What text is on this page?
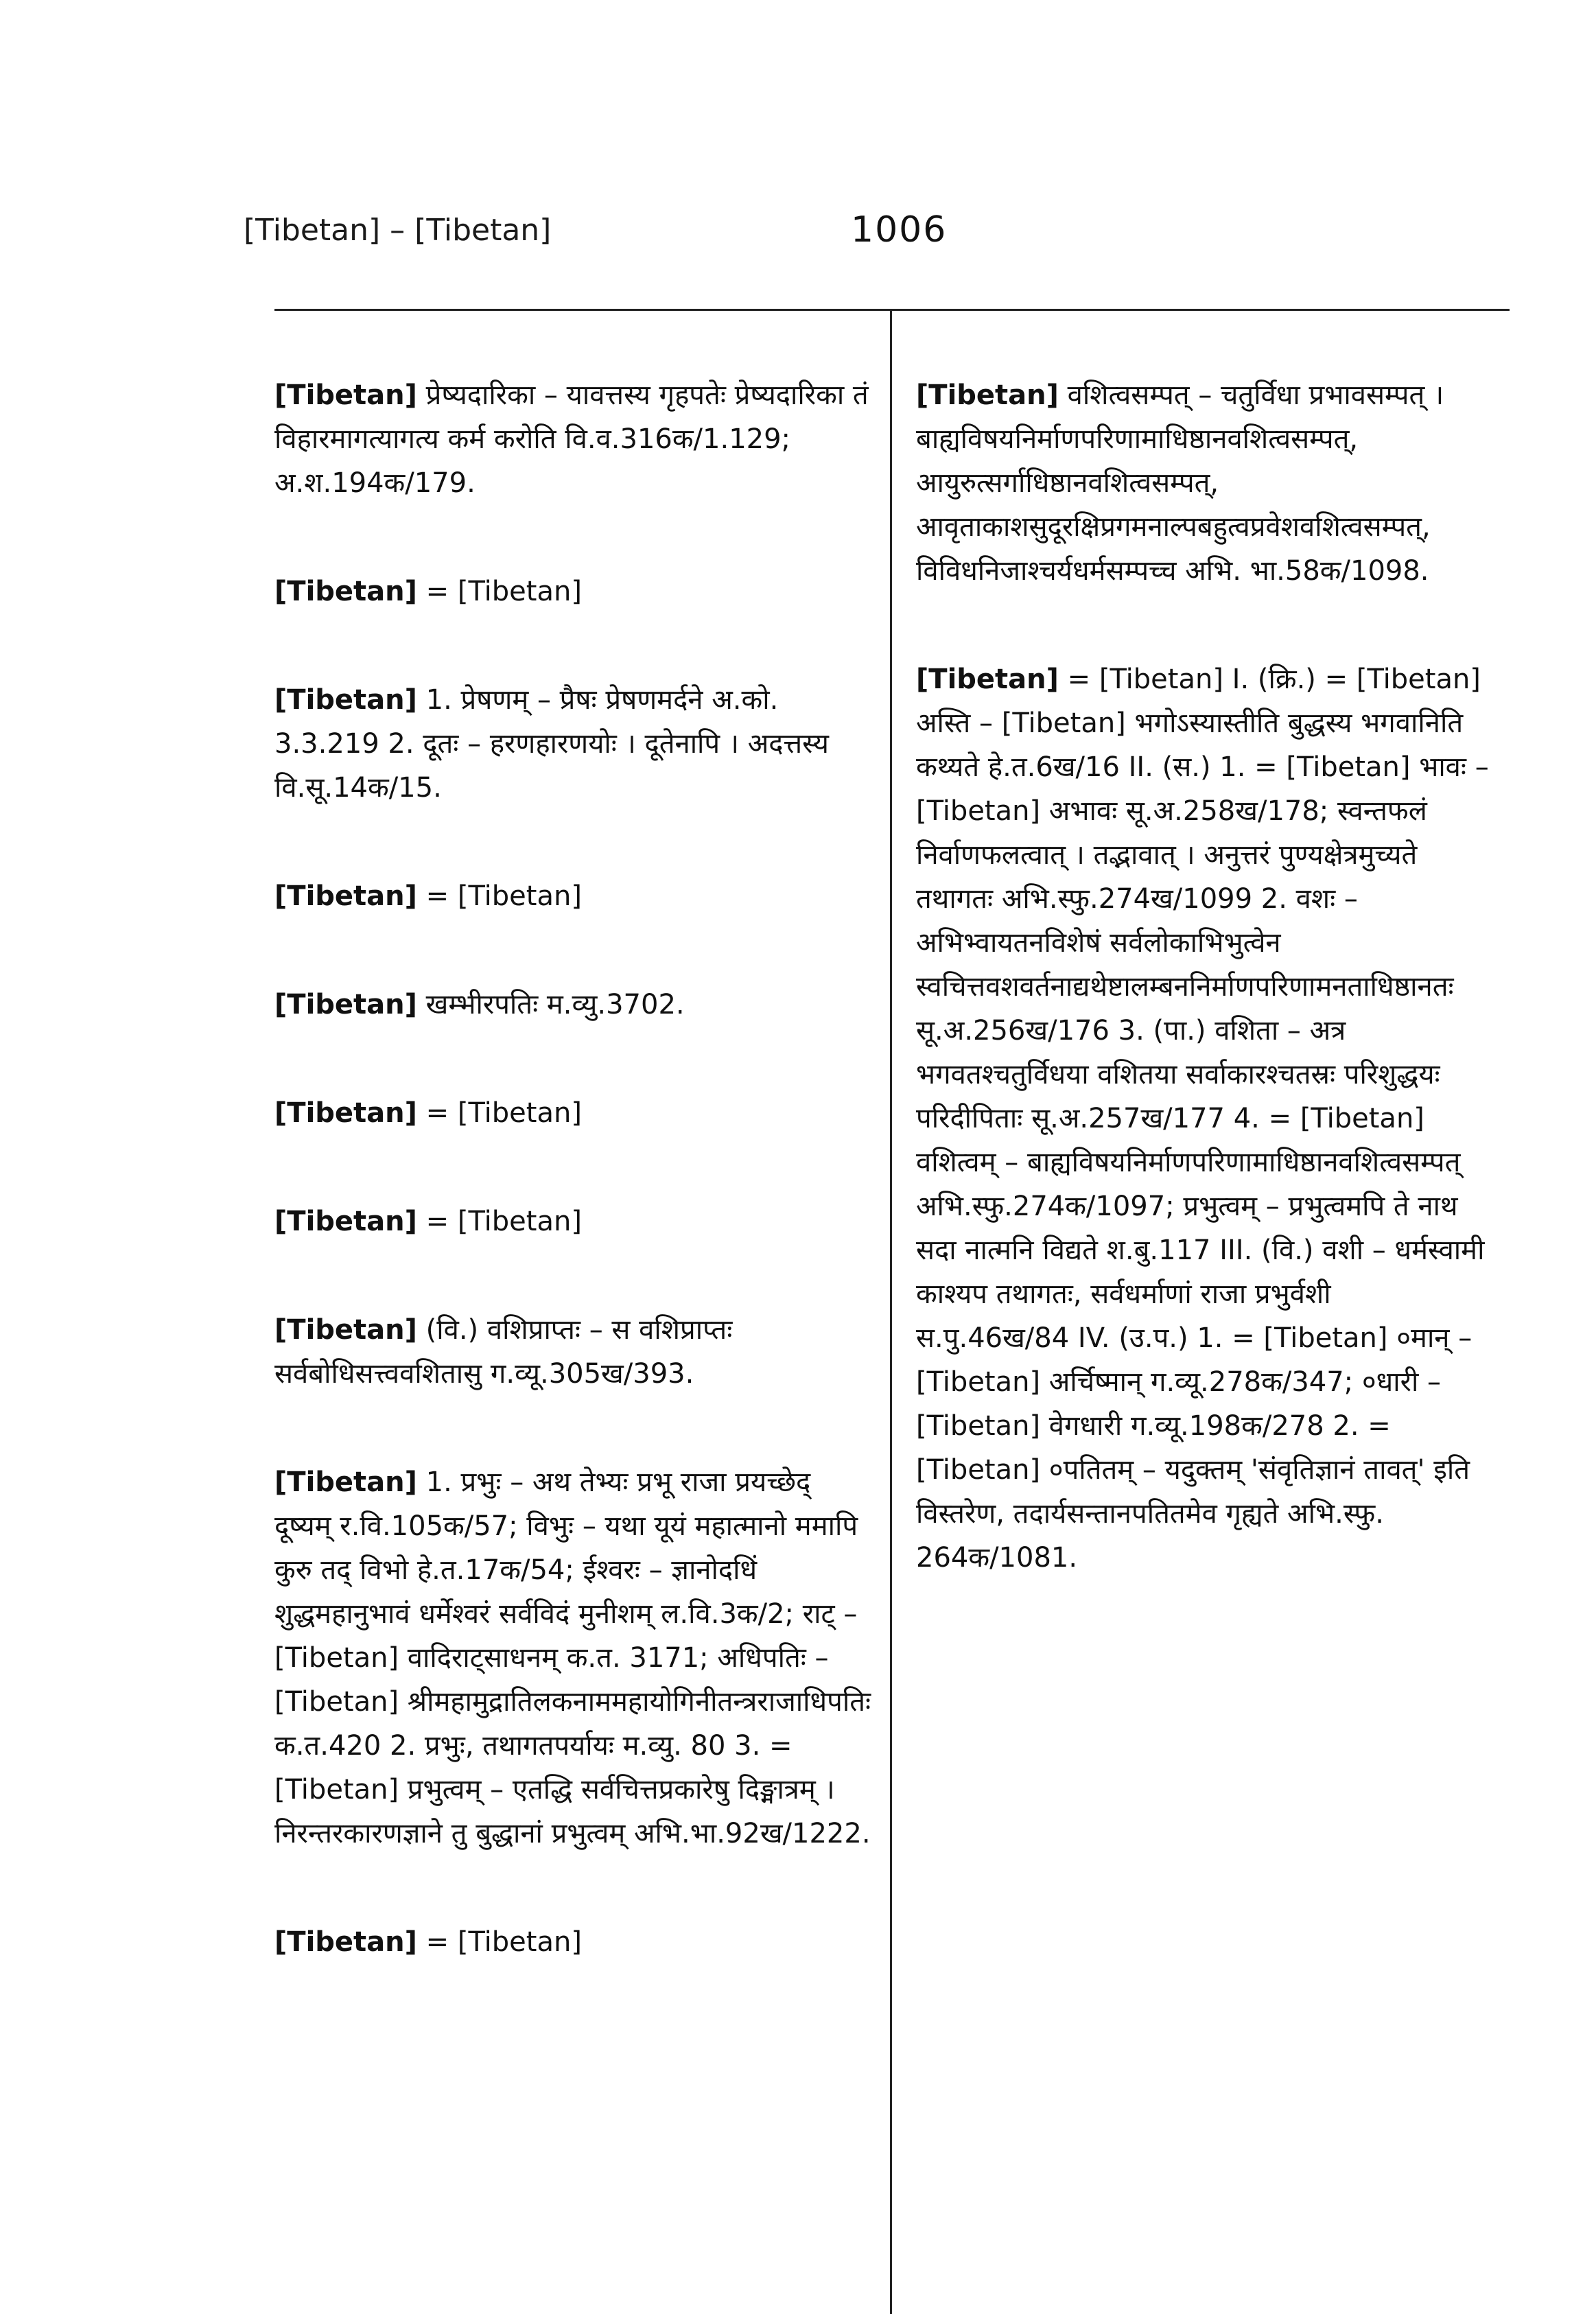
[Tibetan] – [Tibetan]	1006

[Tibetan] प्रेष्यदारिका – यावत्तस्य गृहपतेः प्रेष्यदारिका तं विहारमागत्यागत्य कर्म करोति वि.व.316क/1.129; अ.श.194क/179.

[Tibetan] = [Tibetan]

[Tibetan] 1. प्रेषणम् – प्रैषः प्रेषणमर्दने अ.को. 3.3.219 2. दूतः – हरणहारणयोः । दूतेनापि । अदत्तस्य वि.सू.14क/15.

[Tibetan] = [Tibetan]

[Tibetan] खम्भीरपतिः म.व्यु.3702.

[Tibetan] = [Tibetan]

[Tibetan] = [Tibetan]

[Tibetan] (वि.) वशिप्राप्तः – स वशिप्राप्तः सर्वबोधिसत्त्ववशितासु ग.व्यू.305ख/393.

[Tibetan] 1. प्रभुः – अथ तेभ्यः प्रभू राजा प्रयच्छेद् दूष्यम् र.वि.105क/57; विभुः – यथा यूयं महात्मानो ममापि कुरु तद् विभो हे.त.17क/54; ईश्वरः – ज्ञानोदधिं शुद्धमहानुभावं धर्मेश्वरं सर्वविदं मुनीशम् ल.वि.3क/2; राट् – [Tibetan] वादिराट्साधनम् क.त. 3171; अधिपतिः – [Tibetan] श्रीमहामुद्रातिलकनाममहायोगिनीतन्त्रराजाधिपतिः क.त.420 2. प्रभुः, तथागतपर्यायः म.व्यु. 80 3. = [Tibetan] प्रभुत्वम् – एतद्धि सर्वचित्तप्रकारेषु दिङ्मात्रम् । निरन्तरकारणज्ञाने तु बुद्धानां प्रभुत्वम् अभि.भा.92ख/1222.

[Tibetan] = [Tibetan]

[Tibetan] वशित्वसम्पत् – चतुर्विधा प्रभावसम्पत् । बाह्यविषयनिर्माणपरिणामाधिष्ठानवशित्वसम्पत्, आयुरुत्सर्गाधिष्ठानवशित्वसम्पत्, आवृताकाशसुदूरक्षिप्रगमनाल्पबहुत्वप्रवेशवशित्वसम्पत्, विविधनिजाश्चर्यधर्मसम्पच्च अभि. भा.58क/1098.

[Tibetan] = [Tibetan] I. (क्रि.) = [Tibetan] अस्ति – [Tibetan] भगोऽस्यास्तीति बुद्धस्य भगवानिति कथ्यते हे.त.6ख/16 II. (स.) 1. = [Tibetan] भावः – [Tibetan] अभावः सू.अ.258ख/178; स्वन्तफलं निर्वाणफलत्वात् । तद्भावात् । अनुत्तरं पुण्यक्षेत्रमुच्यते तथागतः अभि.स्फु.274ख/1099 2. वशः – अभिभ्वायतनविशेषं सर्वलोकाभिभुत्वेन स्वचित्तवशवर्तनाद्यथेष्टालम्बननिर्माणपरिणामनताधिष्ठानतः सू.अ.256ख/176 3. (पा.) वशिता – अत्र भगवतश्चतुर्विधया वशितया सर्वाकारश्चतस्रः परिशुद्धयः परिदीपिताः सू.अ.257ख/177 4. = [Tibetan] वशित्वम् – बाह्यविषयनिर्माणपरिणामाधिष्ठानवशित्वसम्पत् अभि.स्फु.274क/1097; प्रभुत्वम् – प्रभुत्वमपि ते नाथ सदा नात्मनि विद्यते श.बु.117 III. (वि.) वशी – धर्मस्वामी काश्यप तथागतः, सर्वधर्माणां राजा प्रभुर्वशी स.पु.46ख/84 IV. (उ.प.) 1. = [Tibetan] ०मान् – [Tibetan] अर्चिष्मान् ग.व्यू.278क/347; ०धारी – [Tibetan] वेगधारी ग.व्यू.198क/278 2. = [Tibetan] ०पतितम् – यदुक्तम् 'संवृतिज्ञानं तावत्' इति विस्तरेण, तदार्यसन्तानपतितमेव गृह्यते अभि.स्फु. 264क/1081.
